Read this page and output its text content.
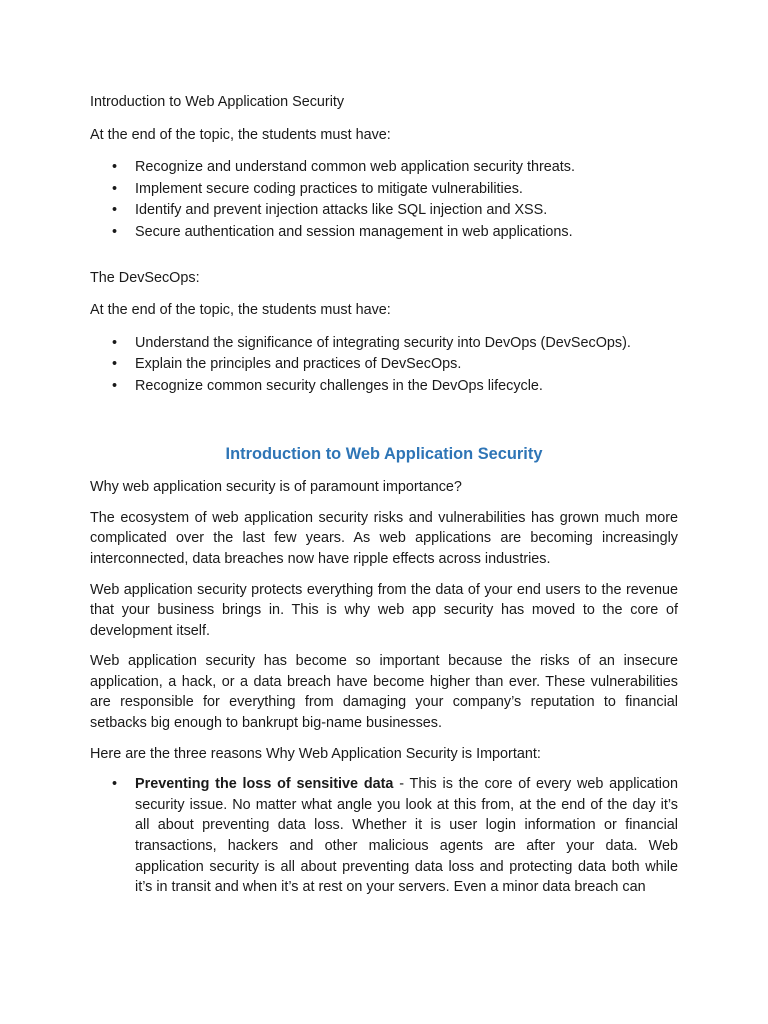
Introduction to Web Application Security

At the end of the topic, the students must have:

• Recognize and understand common web application security threats.
• Implement secure coding practices to mitigate vulnerabilities.
• Identify and prevent injection attacks like SQL injection and XSS.
• Secure authentication and session management in web applications.

The DevSecOps:

At the end of the topic, the students must have:

• Understand the significance of integrating security into DevOps (DevSecOps).
• Explain the principles and practices of DevSecOps.
• Recognize common security challenges in the DevOps lifecycle.
Introduction to Web Application Security

Why web application security is of paramount importance?

The ecosystem of web application security risks and vulnerabilities has grown much more complicated over the last few years. As web applications are becoming increasingly interconnected, data breaches now have ripple effects across industries.

Web application security protects everything from the data of your end users to the revenue that your business brings in. This is why web app security has moved to the core of development itself.

Web application security has become so important because the risks of an insecure application, a hack, or a data breach have become higher than ever. These vulnerabilities are responsible for everything from damaging your company’s reputation to financial setbacks big enough to bankrupt big-name businesses.

Here are the three reasons Why Web Application Security is Important:

• Preventing the loss of sensitive data - This is the core of every web application security issue. No matter what angle you look at this from, at the end of the day it’s all about preventing data loss. Whether it is user login information or financial transactions, hackers and other malicious agents are after your data. Web application security is all about preventing data loss and protecting data both while it’s in transit and when it’s at rest on your servers. Even a minor data breach can
